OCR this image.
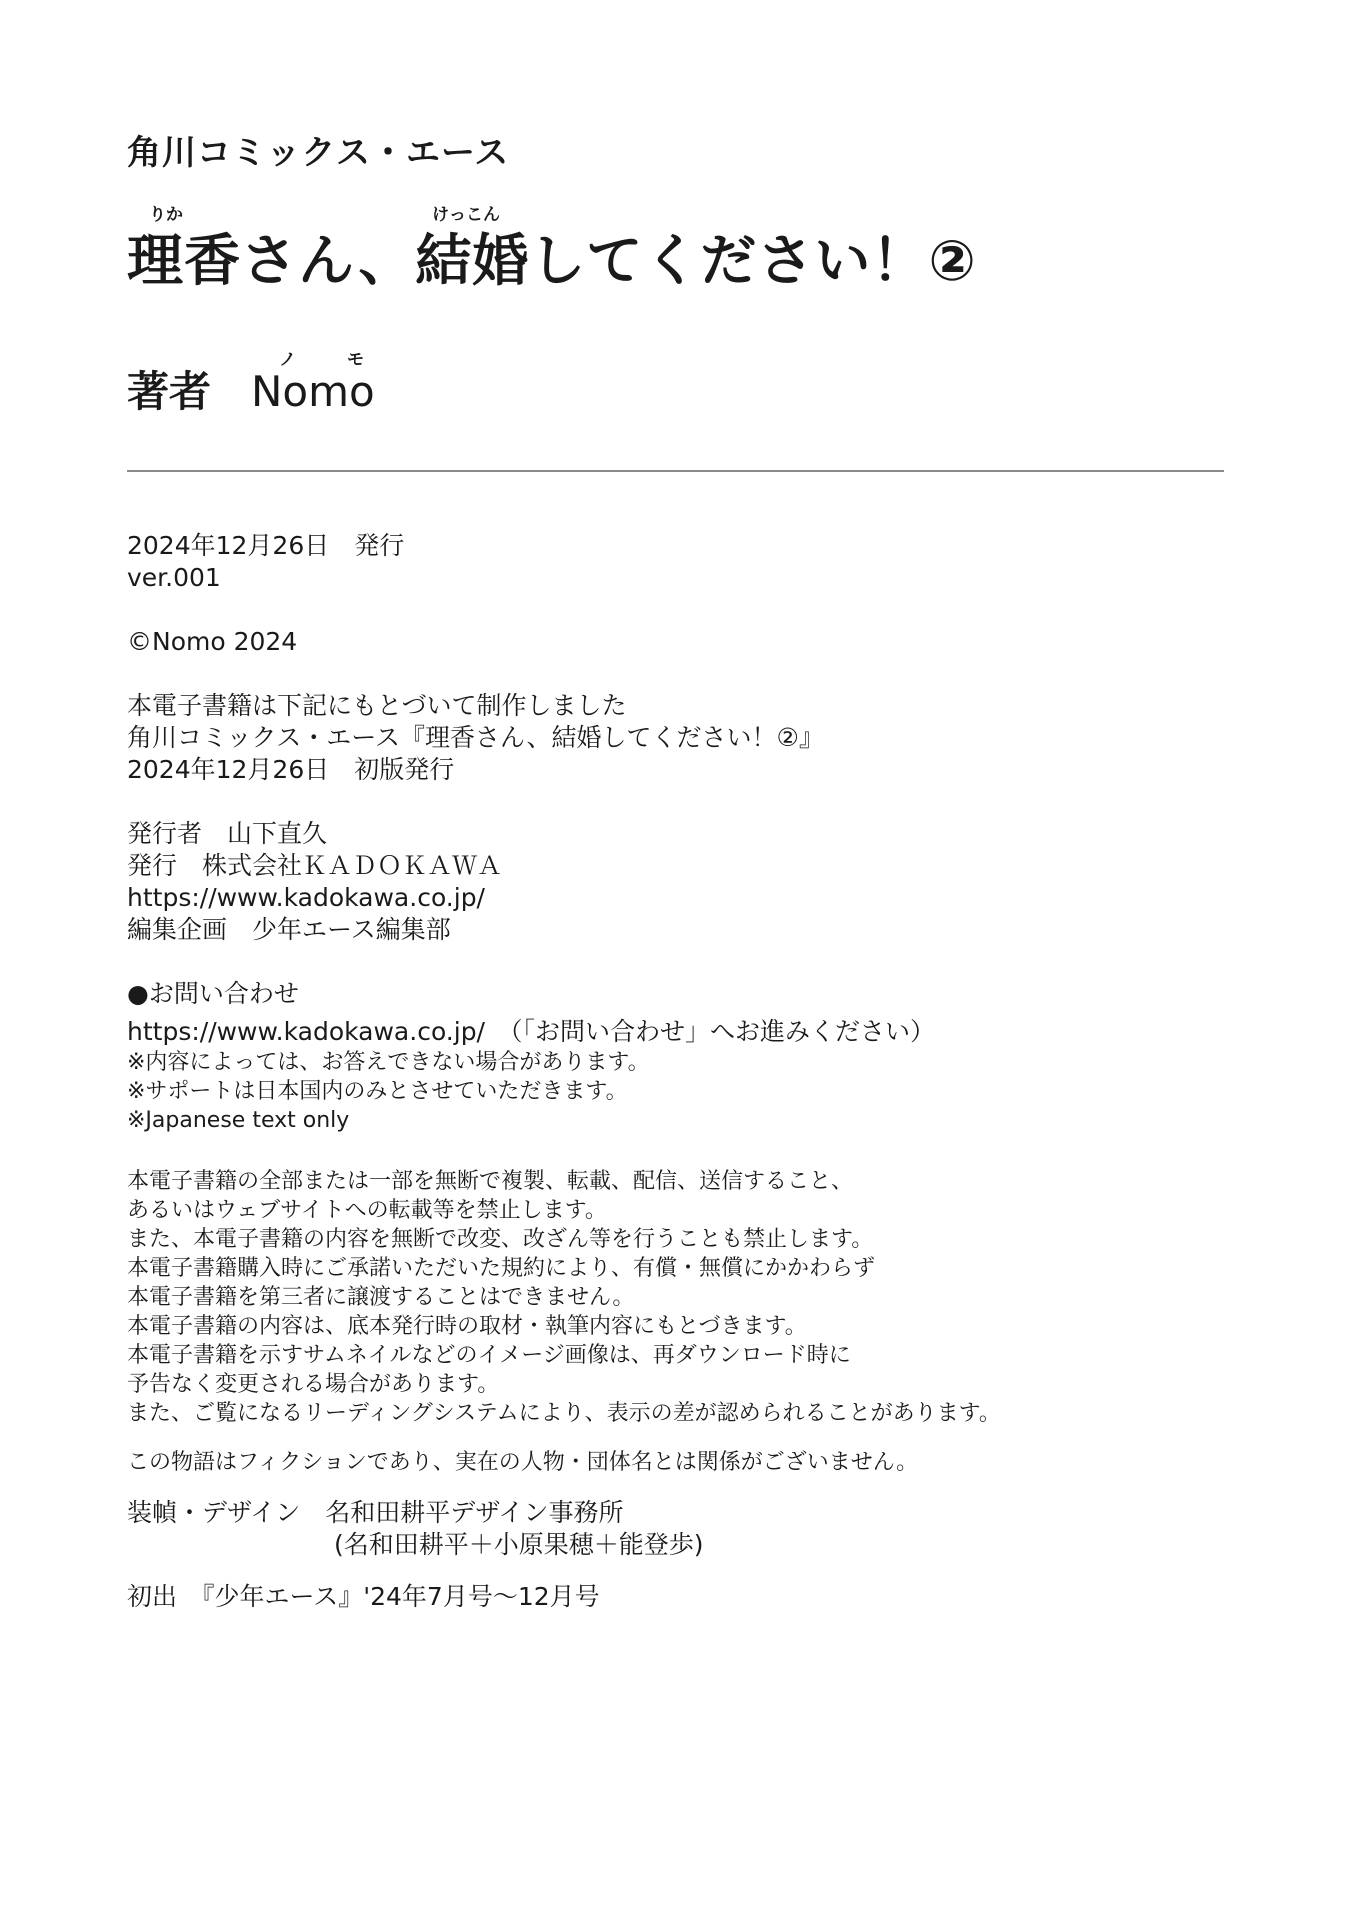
角川コミックス・エース
りか	けっこん
理香さん、結婚してください！②
ノ	モ
著者 Nomo
2024年12月26日　発行
ver.001
©Nomo 2024
本電子書籍は下記にもとづいて制作しました
角川コミックス・エース『理香さん、結婚してください！②』
2024年12月26日　初版発行
発行者　山下直久
発行　株式会社ＫＡＤＯＫＡＷＡ
https://www.kadokawa.co.jp/
編集企画　少年エース編集部
●お問い合わせ
https://www.kadokawa.co.jp/　（「お問い合わせ」へお進みください）
※内容によっては、お答えできない場合があります。
※サポートは日本国内のみとさせていただきます。
※Japanese text only
本電子書籍の全部または一部を無断で複製、転載、配信、送信すること、
あるいはウェブサイトへの転載等を禁止します。
また、本電子書籍の内容を無断で改変、改ざん等を行うことも禁止します。
本電子書籍購入時にご承諾いただいた規約により、有償・無償にかかわらず
本電子書籍を第三者に譲渡することはできません。
本電子書籍の内容は、底本発行時の取材・執筆内容にもとづきます。
本電子書籍を示すサムネイルなどのイメージ画像は、再ダウンロード時に
予告なく変更される場合があります。
また、ご覧になるリーディングシステムにより、表示の差が認められることがあります。
この物語はフィクションであり、実在の人物・団体名とは関係がございません。
装幀・デザイン　名和田耕平デザイン事務所
(名和田耕平＋小原果穂＋能登歩)
初出　『少年エース』'24年7月号〜12月号
